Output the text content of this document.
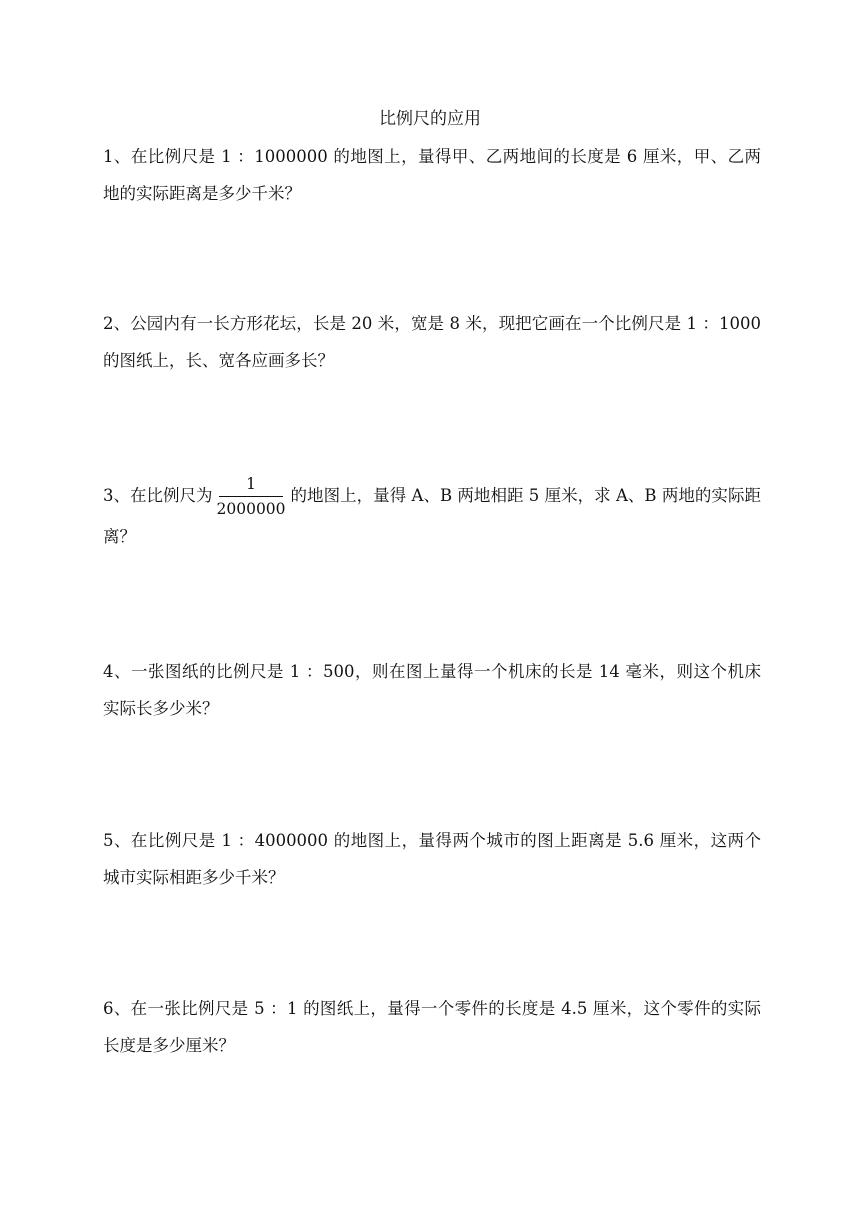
比例尺的应用
1、在比例尺是 1 ：1000000 的地图上，量得甲、乙两地间的长度是 6 厘米，甲、乙两
地的实际距离是多少千米？
2、公园内有一长方形花坛，长是 20 米，宽是 8 米，现把它画在一个比例尺是 1 ：1000
的图纸上，长、宽各应画多长？
3、在比例尺为 $\frac{1}{2000000}$ 的地图上，量得 A、B 两地相距 5 厘米，求 A、B 两地的实际距
离？
4、一张图纸的比例尺是 1 ：500，则在图上量得一个机床的长是 14 毫米，则这个机床
实际长多少米？
5、在比例尺是 1 ：4000000 的地图上，量得两个城市的图上距离是 5.6 厘米，这两个
城市实际相距多少千米？
6、在一张比例尺是 5 ：1 的图纸上，量得一个零件的长度是 4.5 厘米，这个零件的实际
长度是多少厘米？
